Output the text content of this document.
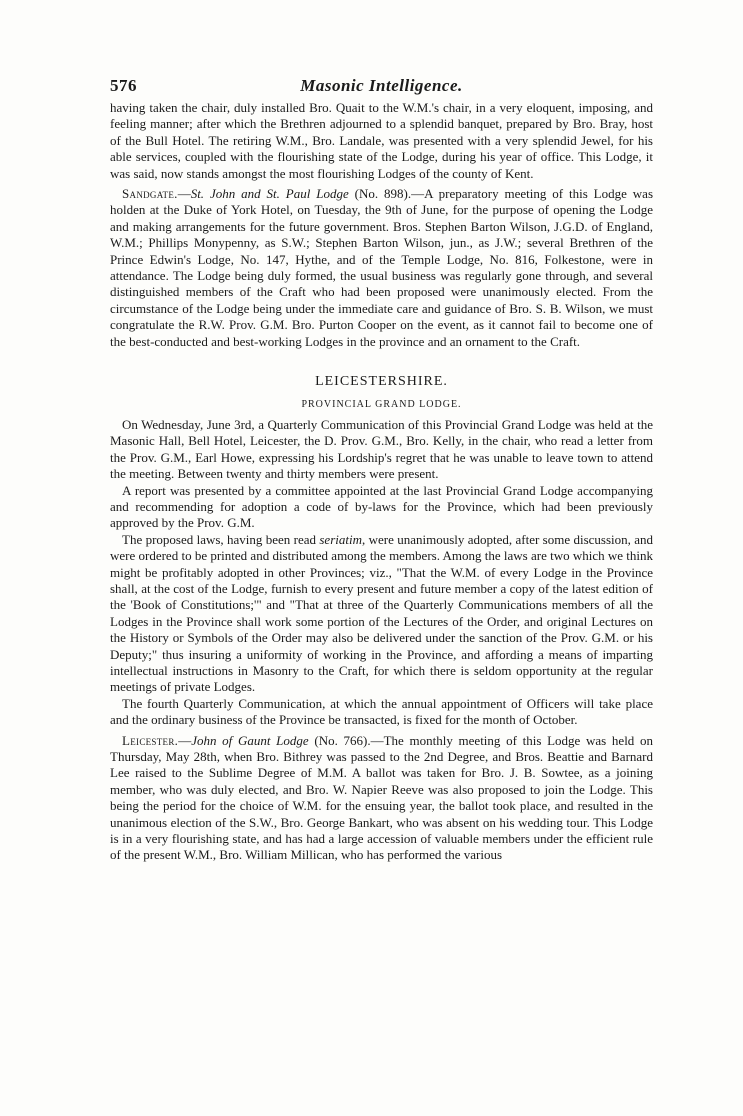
576	Masonic Intelligence.

having taken the chair, duly installed Bro. Quait to the W.M.'s chair, in a very eloquent, imposing, and feeling manner; after which the Brethren adjourned to a splendid banquet, prepared by Bro. Bray, host of the Bull Hotel. The retiring W.M., Bro. Landale, was presented with a very splendid Jewel, for his able services, coupled with the flourishing state of the Lodge, during his year of office. This Lodge, it was said, now stands amongst the most flourishing Lodges of the county of Kent.

Sandgate.—St. John and St. Paul Lodge (No. 898).—A preparatory meeting of this Lodge was holden at the Duke of York Hotel, on Tuesday, the 9th of June, for the purpose of opening the Lodge and making arrangements for the future government. Bros. Stephen Barton Wilson, J.G.D. of England, W.M.; Phillips Monypenny, as S.W.; Stephen Barton Wilson, jun., as J.W.; several Brethren of the Prince Edwin's Lodge, No. 147, Hythe, and of the Temple Lodge, No. 816, Folkestone, were in attendance. The Lodge being duly formed, the usual business was regularly gone through, and several distinguished members of the Craft who had been proposed were unanimously elected. From the circumstance of the Lodge being under the immediate care and guidance of Bro. S. B. Wilson, we must congratulate the R.W. Prov. G.M. Bro. Purton Cooper on the event, as it cannot fail to become one of the best-conducted and best-working Lodges in the province and an ornament to the Craft.

LEICESTERSHIRE.
PROVINCIAL GRAND LODGE.

On Wednesday, June 3rd, a Quarterly Communication of this Provincial Grand Lodge was held at the Masonic Hall, Bell Hotel, Leicester, the D. Prov. G.M., Bro. Kelly, in the chair, who read a letter from the Prov. G.M., Earl Howe, expressing his Lordship's regret that he was unable to leave town to attend the meeting. Between twenty and thirty members were present.

A report was presented by a committee appointed at the last Provincial Grand Lodge accompanying and recommending for adoption a code of by-laws for the Province, which had been previously approved by the Prov. G.M.

The proposed laws, having been read seriatim, were unanimously adopted, after some discussion, and were ordered to be printed and distributed among the members. Among the laws are two which we think might be profitably adopted in other Provinces; viz., "That the W.M. of every Lodge in the Province shall, at the cost of the Lodge, furnish to every present and future member a copy of the latest edition of the 'Book of Constitutions;'" and "That at three of the Quarterly Communications members of all the Lodges in the Province shall work some portion of the Lectures of the Order, and original Lectures on the History or Symbols of the Order may also be delivered under the sanction of the Prov. G.M. or his Deputy;" thus insuring a uniformity of working in the Province, and affording a means of imparting intellectual instructions in Masonry to the Craft, for which there is seldom opportunity at the regular meetings of private Lodges.

The fourth Quarterly Communication, at which the annual appointment of Officers will take place and the ordinary business of the Province be transacted, is fixed for the month of October.

Leicester.—John of Gaunt Lodge (No. 766).—The monthly meeting of this Lodge was held on Thursday, May 28th, when Bro. Bithrey was passed to the 2nd Degree, and Bros. Beattie and Barnard Lee raised to the Sublime Degree of M.M. A ballot was taken for Bro. J. B. Sowtee, as a joining member, who was duly elected, and Bro. W. Napier Reeve was also proposed to join the Lodge. This being the period for the choice of W.M. for the ensuing year, the ballot took place, and resulted in the unanimous election of the S.W., Bro. George Bankart, who was absent on his wedding tour. This Lodge is in a very flourishing state, and has had a large accession of valuable members under the efficient rule of the present W.M., Bro. William Millican, who has performed the various
